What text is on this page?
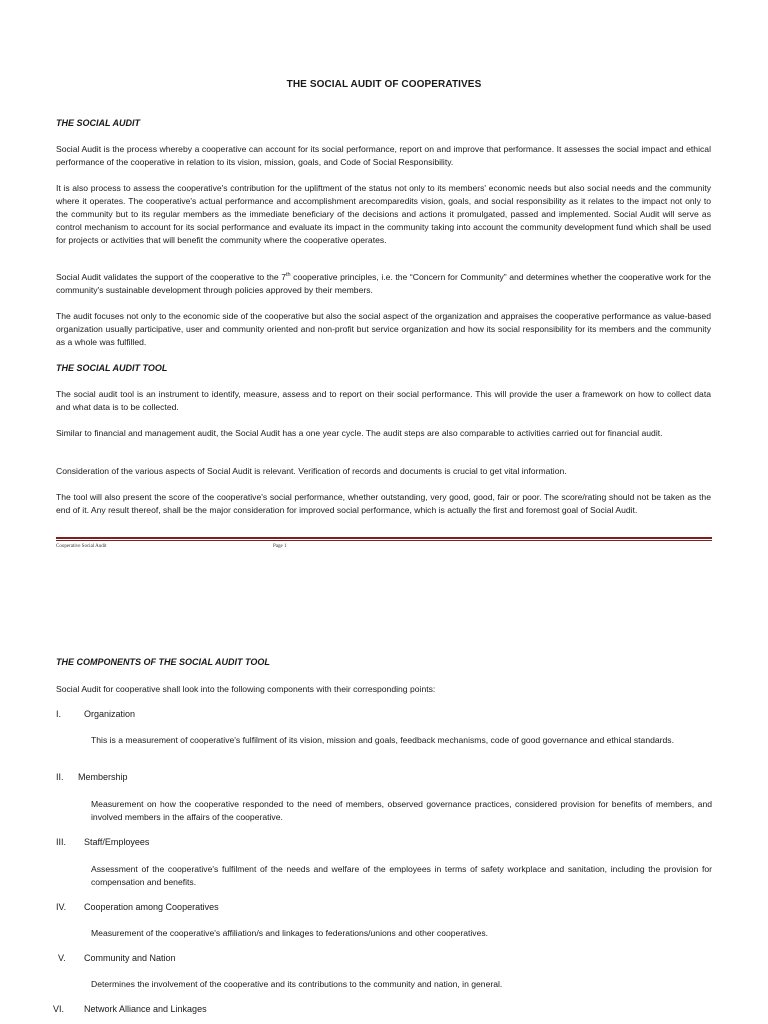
THE SOCIAL AUDIT OF COOPERATIVES
THE SOCIAL AUDIT
Social Audit is the process whereby a cooperative can account for its social performance, report on and improve that performance. It assesses the social impact and ethical performance of the cooperative in relation to its vision, mission, goals, and Code of Social Responsibility.
It is also process to assess the cooperative's contribution for the upliftment of the status not only to its members' economic needs but also social needs and the community where it operates. The cooperative's actual performance and accomplishment arecomparedits vision, goals, and social responsibility as it relates to the impact not only to the community but to its regular members as the immediate beneficiary of the decisions and actions it promulgated, passed and implemented. Social Audit will serve as control mechanism to account for its social performance and evaluate its impact in the community taking into account the community development fund which shall be used for projects or activities that will benefit the community where the cooperative operates.
Social Audit validates the support of the cooperative to the 7th cooperative principles, i.e. the “Concern for Community” and determines whether the cooperative work for the community's sustainable development through policies approved by their members.
The audit focuses not only to the economic side of the cooperative but also the social aspect of the organization and appraises the cooperative performance as value-based organization usually participative, user and community oriented and non-profit but service organization and how its social responsibility for its members and the community as a whole was fulfilled.
THE SOCIAL AUDIT TOOL
The social audit tool is an instrument to identify, measure, assess and to report on their social performance. This will provide the user a framework on how to collect data and what data is to be collected.
Similar to financial and management audit, the Social Audit has a one year cycle. The audit steps are also comparable to activities carried out for financial audit.
Consideration of the various aspects of Social Audit is relevant. Verification of records and documents is crucial to get vital information.
The tool will also present the score of the cooperative's social performance, whether outstanding, very good, good, fair or poor. The score/rating should not be taken as the end of it. Any result thereof, shall be the major consideration for improved social performance, which is actually the first and foremost goal of Social Audit.
Cooperative Social Audit	Page 1
THE COMPONENTS OF THE SOCIAL AUDIT TOOL
Social Audit for cooperative shall look into the following components with their corresponding points:
I.	Organization
This is a measurement of cooperative's fulfilment of its vision, mission and goals, feedback mechanisms, code of good governance and ethical standards.
II. Membership
Measurement on how the cooperative responded to the need of members, observed governance practices, considered provision for benefits of members, and involved members in the affairs of the cooperative.
III. Staff/Employees
Assessment of the cooperative's fulfilment of the needs and welfare of the employees in terms of safety workplace and sanitation, including the provision for compensation and benefits.
IV. Cooperation among Cooperatives
Measurement of the cooperative's affiliation/s and linkages to federations/unions and other cooperatives.
V. Community and Nation
Determines the involvement of the cooperative and its contributions to the community and nation, in general.
VI. Network Alliance and Linkages
